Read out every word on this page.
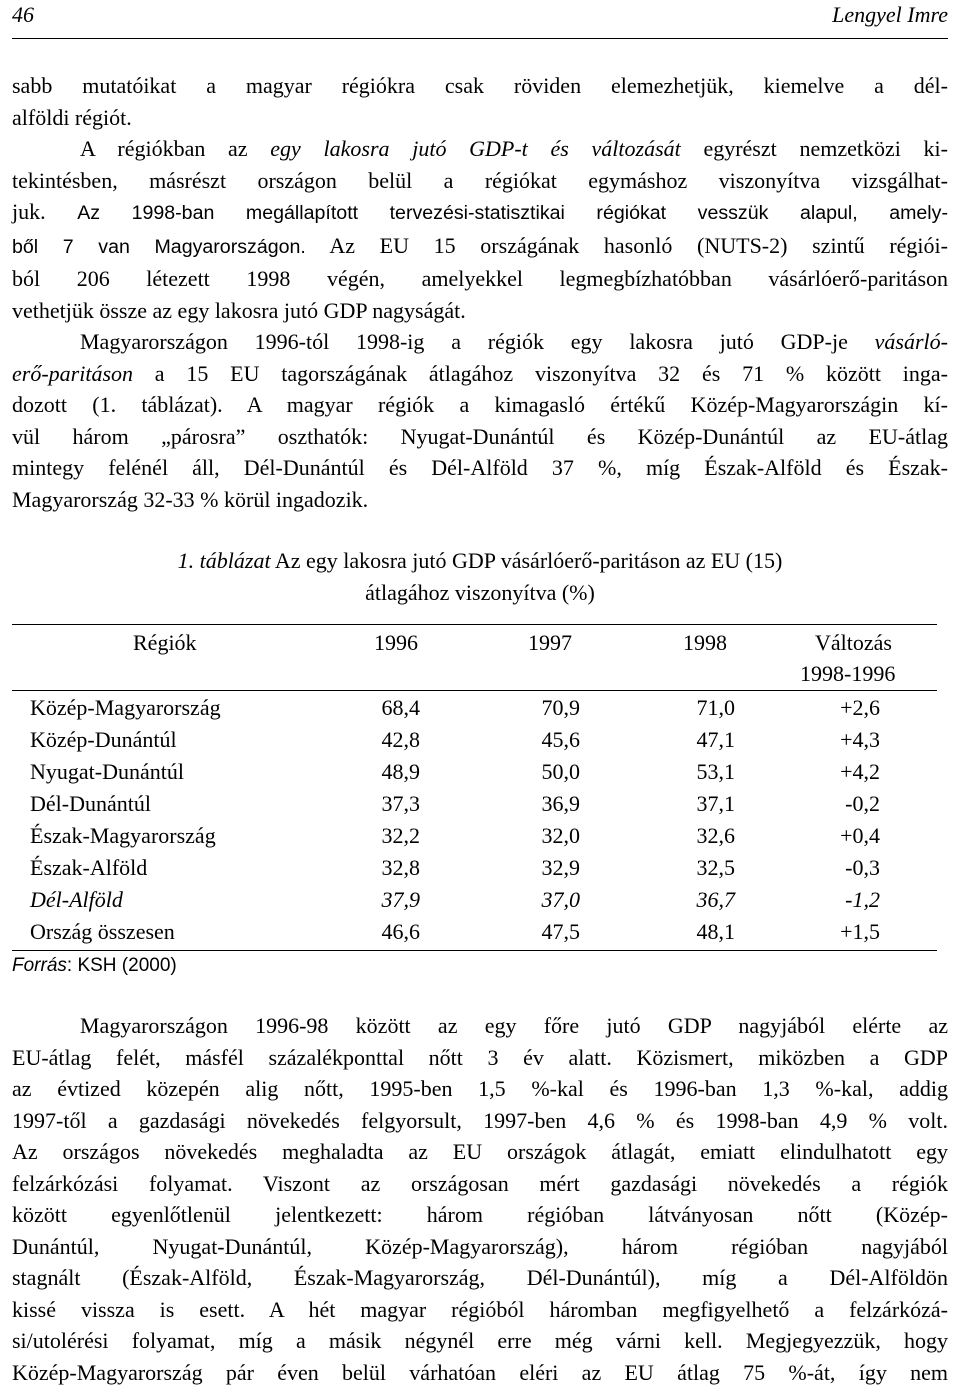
46	Lengyel Imre
sabb mutatóikat a magyar régiókra csak röviden elemezhetjük, kiemelve a dél-
alföldi régiót.
A régiókban az egy lakosra jutó GDP-t és változását egyrészt nemzetközi ki-
tekintésben, másrészt országon belül a régiókat egymáshoz viszonyítva vizsgálhat-
juk. Az 1998-ban megállapított tervezési-statisztikai régiókat vesszük alapul, amely-
ből 7 van Magyarországon. Az EU 15 országának hasonló (NUTS-2) szintű régiói-
ból 206 létezett 1998 végén, amelyekkel legmegbízhatóbban vásárlóerő-paritáson
vethetjük össze az egy lakosra jutó GDP nagyságát.
Magyarországon 1996-tól 1998-ig a régiók egy lakosra jutó GDP-je vásárló-
erő-paritáson a 15 EU tagországának átlagához viszonyítva 32 és 71 % között inga-
dozott (1. táblázat). A magyar régiók a kimagasló értékű Közép-Magyarországin kí-
vül három „párosra” oszthatók: Nyugat-Dunántúl és Közép-Dunántúl az EU-átlag
mintegy felénél áll, Dél-Dunántúl és Dél-Alföld 37 %, míg Észak-Alföld és Észak-
Magyarország 32-33 % körül ingadozik.
1. táblázat Az egy lakosra jutó GDP vásárlóerő-paritáson az EU (15)
átlagához viszonyítva (%)
Régiók	1996	1997	1998	Változás
1998-1996
Közép-Magyarország	68,4	70,9	71,0	+2,6
Közép-Dunántúl	42,8	45,6	47,1	+4,3
Nyugat-Dunántúl	48,9	50,0	53,1	+4,2
Dél-Dunántúl	37,3	36,9	37,1	-0,2
Észak-Magyarország	32,2	32,0	32,6	+0,4
Észak-Alföld	32,8	32,9	32,5	-0,3
Dél-Alföld	37,9	37,0	36,7	-1,2
Ország összesen	46,6	47,5	48,1	+1,5
Forrás: KSH (2000)
Magyarországon 1996-98 között az egy főre jutó GDP nagyjából elérte az
EU-átlag felét, másfél százalékponttal nőtt 3 év alatt. Közismert, miközben a GDP
az évtized közepén alig nőtt, 1995-ben 1,5 %-kal és 1996-ban 1,3 %-kal, addig
1997-től a gazdasági növekedés felgyorsult, 1997-ben 4,6 % és 1998-ban 4,9 % volt.
Az országos növekedés meghaladta az EU országok átlagát, emiatt elindulhatott egy
felzárkózási folyamat. Viszont az országosan mért gazdasági növekedés a régiók
között egyenlőtlenül jelentkezett: három régióban látványosan nőtt (Közép-
Dunántúl, Nyugat-Dunántúl, Közép-Magyarország), három régióban nagyjából
stagnált (Észak-Alföld, Észak-Magyarország, Dél-Dunántúl), míg a Dél-Alföldön
kissé vissza is esett. A hét magyar régióból háromban megfigyelhető a felzárkózá-
si/utolérési folyamat, míg a másik négynél erre még várni kell. Megjegyezzük, hogy
Közép-Magyarország pár éven belül várhatóan eléri az EU átlag 75 %-át, így nem
